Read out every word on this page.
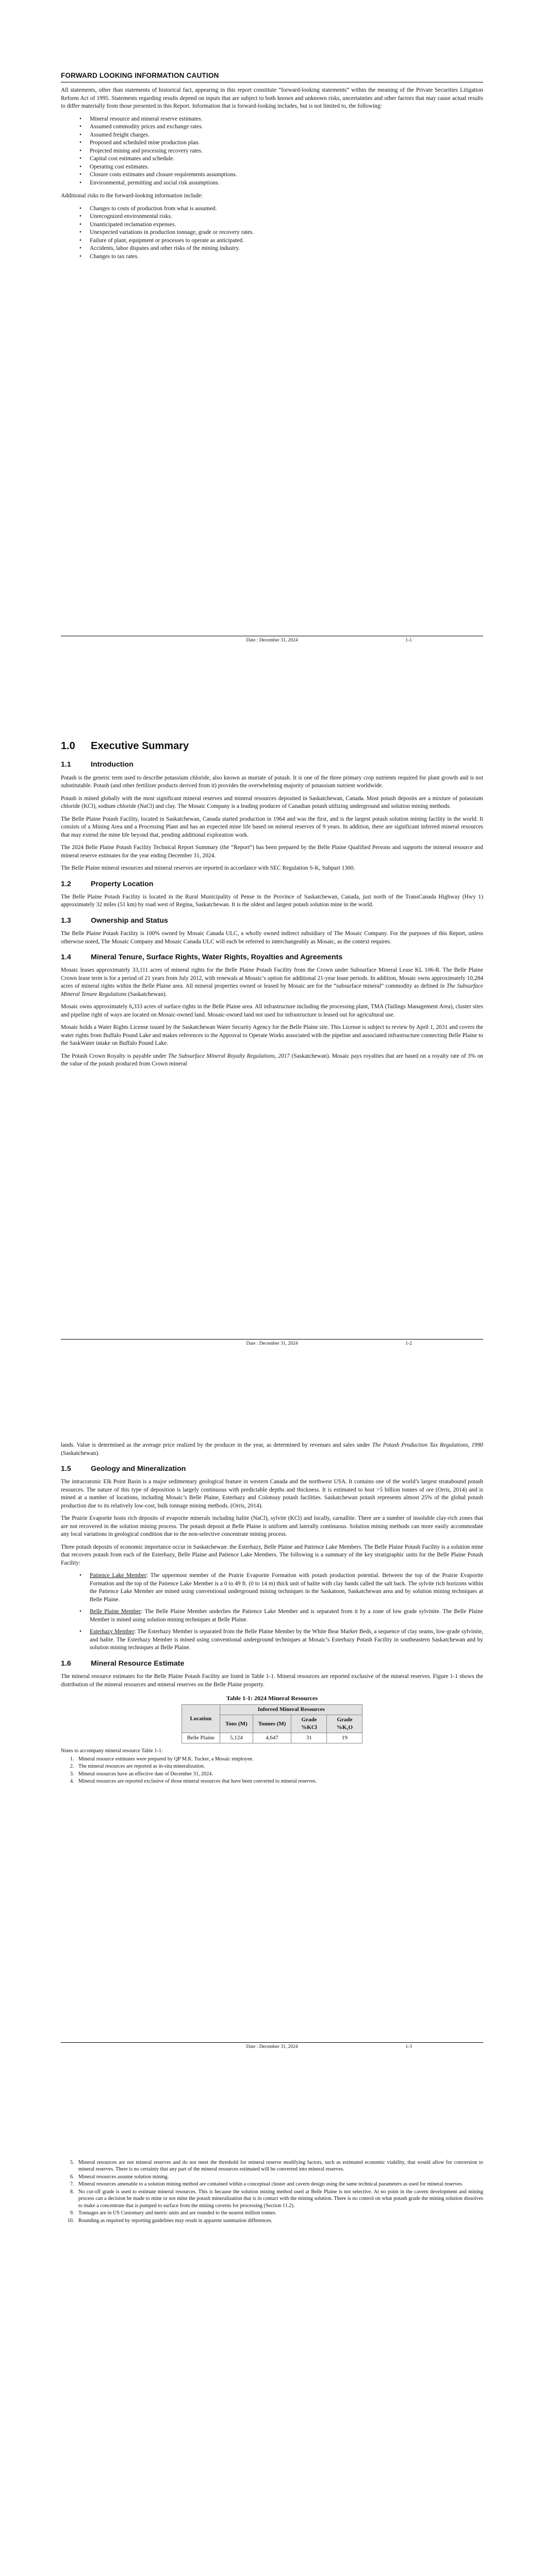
FORWARD LOOKING INFORMATION CAUTION

All statements, other than statements of historical fact, appearing in this report constitute “forward-looking statements” within the meaning of the Private Securities Litigation Reform Act of 1995. Statements regarding results depend on inputs that are subject to both known and unknown risks, uncertainties and other factors that may cause actual results to differ materially from those presented in this Report. Information that is forward-looking includes, but is not limited to, the following:

• Mineral resource and mineral reserve estimates.
• Assumed commodity prices and exchange rates.
• Assumed freight charges.
• Proposed and scheduled mine production plan.
• Projected mining and processing recovery rates.
• Capital cost estimates and schedule.
• Operating cost estimates.
• Closure costs estimates and closure requirements assumptions.
• Environmental, permitting and social risk assumptions.

Additional risks to the forward-looking information include:

• Changes to costs of production from what is assumed.
• Unrecognized environmental risks.
• Unanticipated reclamation expenses.
• Unexpected variations in production tonnage, grade or recovery rates.
• Failure of plant, equipment or processes to operate as anticipated.
• Accidents, labor disputes and other risks of the mining industry.
• Changes to tax rates.
Date : December 31, 2024	1-1
1.0 Executive Summary
1.1	Introduction

Potash is the generic term used to describe potassium chloride, also known as muriate of potash. It is one of the three primary crop nutrients required for plant growth and is not substitutable. Potash (and other fertilizer products derived from it) provides the overwhelming majority of potassium nutrient worldwide.

Potash is mined globally with the most significant mineral reserves and mineral resources deposited in Saskatchewan, Canada. Most potash deposits are a mixture of potassium chloride (KCl), sodium chloride (NaCl) and clay. The Mosaic Company is a leading producer of Canadian potash utilizing underground and solution mining methods.

The Belle Plaine Potash Facility, located in Saskatchewan, Canada started production in 1964 and was the first, and is the largest potash solution mining facility in the world. It consists of a Mining Area and a Processing Plant and has an expected mine life based on mineral reserves of 9 years. In addition, there are significant inferred mineral resources that may extend the mine life beyond that, pending additional exploration work.

The 2024 Belle Plaine Potash Facility Technical Report Summary (the “Report”) has been prepared by the Belle Plaine Qualified Persons and supports the mineral resource and mineral reserve estimates for the year ending December 31, 2024.

The Belle Plaine mineral resources and mineral reserves are reported in accordance with SEC Regulation S-K, Subpart 1300.

1.2	Property Location

The Belle Plaine Potash Facility is located in the Rural Municipality of Pense in the Province of Saskatchewan, Canada, just north of the TransCanada Highway (Hwy 1) approximately 32 miles (51 km) by road west of Regina, Saskatchewan. It is the oldest and largest potash solution mine in the world.

1.3	Ownership and Status

The Belle Plaine Potash Facility is 100% owned by Mosaic Canada ULC, a wholly owned indirect subsidiary of The Mosaic Company. For the purposes of this Report, unless otherwise noted, The Mosaic Company and Mosaic Canada ULC will each be referred to interchangeably as Mosaic, as the context requires.

1.4	Mineral Tenure, Surface Rights, Water Rights, Royalties and Agreements

Mosaic leases approximately 33,111 acres of mineral rights for the Belle Plaine Potash Facility from the Crown under Subsurface Mineral Lease KL 106-R. The Belle Plaine Crown lease term is for a period of 21 years from July 2012, with renewals at Mosaic’s option for additional 21-year lease periods. In addition, Mosaic owns approximately 10,284 acres of mineral rights within the Belle Plaine area. All mineral properties owned or leased by Mosaic are for the “subsurface mineral” commodity as defined in The Subsurface Mineral Tenure Regulations (Saskatchewan).

Mosaic owns approximately 6,333 acres of surface rights in the Belle Plaine area. All infrastructure including the processing plant, TMA (Tailings Management Area), cluster sites and pipeline right of ways are located on Mosaic-owned land. Mosaic-owned land not used for infrastructure is leased out for agricultural use.

Mosaic holds a Water Rights License issued by the Saskatchewan Water Security Agency for the Belle Plaine site. This License is subject to review by April 1, 2031 and covers the water rights from Buffalo Pound Lake and makes references to the Approval to Operate Works associated with the pipeline and associated infrastructure connecting Belle Plaine to the SaskWater intake on Buffalo Pound Lake.

The Potash Crown Royalty is payable under The Subsurface Mineral Royalty Regulations, 2017 (Saskatchewan). Mosaic pays royalties that are based on a royalty rate of 3% on the value of the potash produced from Crown mineral

Date : December 31, 2024	1-2

lands. Value is determined as the average price realized by the producer in the year, as determined by revenues and sales under The Potash Production Tax Regulations, 1990 (Saskatchewan).

1.5	Geology and Mineralization

The intracratonic Elk Point Basin is a major sedimentary geological feature in western Canada and the northwest USA. It contains one of the world’s largest stratabound potash resources. The nature of this type of deposition is largely continuous with predictable depths and thickness. It is estimated to host >5 billion tonnes of ore (Orris, 2014) and is mined at a number of locations, including Mosaic’s Belle Plaine, Esterhazy and Colonsay potash facilities. Saskatchewan potash represents almost 25% of the global potash production due to its relatively low-cost, bulk tonnage mining methods. (Orris, 2014).

The Prairie Evaporite hosts rich deposits of evaporite minerals including halite (NaCl), sylvite (KCl) and locally, carnallite. There are a number of insoluble clay-rich zones that are not recovered in the solution mining process. The potash deposit at Belle Plaine is uniform and laterally continuous. Solution mining methods can more easily accommodate any local variations in geological condition due to the non-selective concentrate mining process.

Three potash deposits of economic importance occur in Saskatchewan: the Esterhazy, Belle Plaine and Patience Lake Members. The Belle Plaine Potash Facility is a solution mine that recovers potash from each of the Esterhazy, Belle Plaine and Patience Lake Members. The following is a summary of the key stratigraphic units for the Belle Plaine Potash Facility:

• Patience Lake Member: The uppermost member of the Prairie Evaporite Formation with potash production potential. Between the top of the Prairie Evaporite Formation and the top of the Patience Lake Member is a 0 to 49 ft. (0 to 14 m) thick unit of halite with clay bands called the salt back. The sylvite rich horizons within the Patience Lake Member are mined using conventional underground mining techniques in the Saskatoon, Saskatchewan area and by solution mining techniques at Belle Plaine.
• Belle Plaine Member: The Belle Plaine Member underlies the Patience Lake Member and is separated from it by a zone of low grade sylvinite. The Belle Plaine Member is mined using solution mining techniques at Belle Plaine.
• Esterhazy Member: The Esterhazy Member is separated from the Belle Plaine Member by the White Bear Marker Beds, a sequence of clay seams, low-grade sylvinite, and halite. The Esterhazy Member is mined using conventional underground techniques at Mosaic’s Esterhazy Potash Facility in southeastern Saskatchewan and by solution mining techniques at Belle Plaine.
1.6	Mineral Resource Estimate

The mineral resource estimates for the Belle Plaine Potash Facility are listed in Table 1-1. Mineral resources are reported exclusive of the mineral reserves. Figure 1-1 shows the distribution of the mineral resources and mineral reserves on the Belle Plaine property.

Table 1-1: 2024 Mineral Resources
Location	Inferred Mineral Resources			
	Tons (M)	Tonnes (M)	Grade %KCl	Grade %K₂O
Belle Plaine	5,124	4,647	31	19
Notes to accompany mineral resource Table 1-1:
1. Mineral resource estimates were prepared by QP M.K. Tucker, a Mosaic employee.
2. The mineral resources are reported as in-situ mineralization.
3. Mineral resources have an effective date of December 31, 2024.
4. Mineral resources are reported exclusive of those mineral resources that have been converted to mineral reserves.
Date : December 31, 2024	1-3
5. Mineral resources are not mineral reserves and do not meet the threshold for mineral reserve modifying factors, such as estimated economic viability, that would allow for conversion to mineral reserves. There is no certainty that any part of the mineral resources estimated will be converted into mineral reserves.
6. Mineral resources assume solution mining.
7. Mineral resources amenable to a solution mining method are contained within a conceptual cluster and cavern design using the same technical parameters as used for mineral reserves.
8. No cut-off grade is used to estimate mineral resources. This is because the solution mining method used at Belle Plaine is not selective. At no point in the cavern development and mining process can a decision be made to mine or not mine the potash mineralization that is in contact with the mining solution. There is no control on what potash grade the mining solution dissolves to make a concentrate that is pumped to surface from the mining caverns for processing (Section 11.2).
9. Tonnages are in US Customary and metric units and are rounded to the nearest million tonnes.
10. Rounding as required by reporting guidelines may result in apparent summation differences.
